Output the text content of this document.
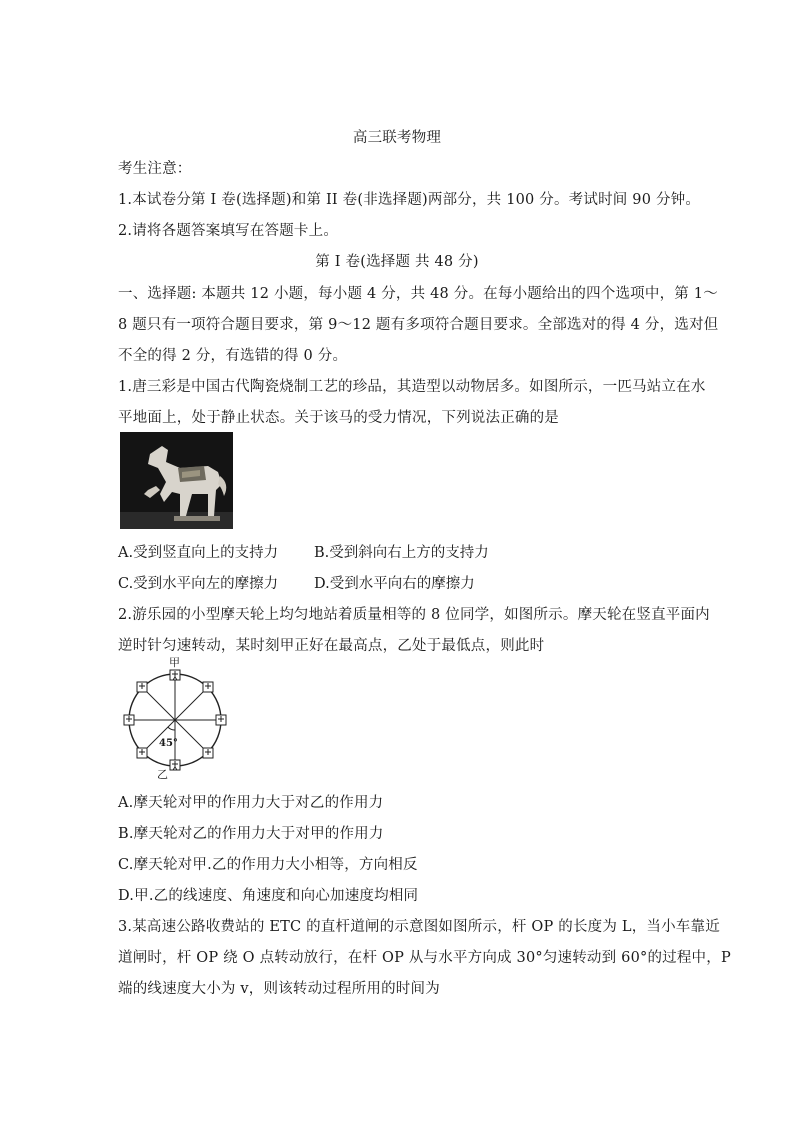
高三联考物理
考生注意：
1.本试卷分第 I 卷(选择题)和第 II 卷(非选择题)两部分，共 100 分。考试时间 90 分钟。
2.请将各题答案填写在答题卡上。
第 I 卷(选择题 共 48 分)
一、选择题: 本题共 12 小题，每小题 4 分，共 48 分。在每小题给出的四个选项中，第 1～
8 题只有一项符合题目要求，第 9～12 题有多项符合题目要求。全部选对的得 4 分，选对但
不全的得 2 分，有选错的得 0 分。
1.唐三彩是中国古代陶瓷烧制工艺的珍品，其造型以动物居多。如图所示，一匹马站立在水
平地面上，处于静止状态。关于该马的受力情况，下列说法正确的是
A.受到竖直向上的支持力 B.受到斜向右上方的支持力
C.受到水平向左的摩擦力 D.受到水平向右的摩擦力
2.游乐园的小型摩天轮上均匀地站着质量相等的 8 位同学，如图所示。摩天轮在竖直平面内
逆时针匀速转动，某时刻甲正好在最高点，乙处于最低点，则此时
甲
乙
45°
A.摩天轮对甲的作用力大于对乙的作用力
B.摩天轮对乙的作用力大于对甲的作用力
C.摩天轮对甲.乙的作用力大小相等，方向相反
D.甲.乙的线速度、角速度和向心加速度均相同
3.某高速公路收费站的 ETC 的直杆道闸的示意图如图所示，杆 OP 的长度为 L，当小车靠近
道闸时，杆 OP 绕 O 点转动放行，在杆 OP 从与水平方向成 30°匀速转动到 60°的过程中，P
端的线速度大小为 v，则该转动过程所用的时间为
